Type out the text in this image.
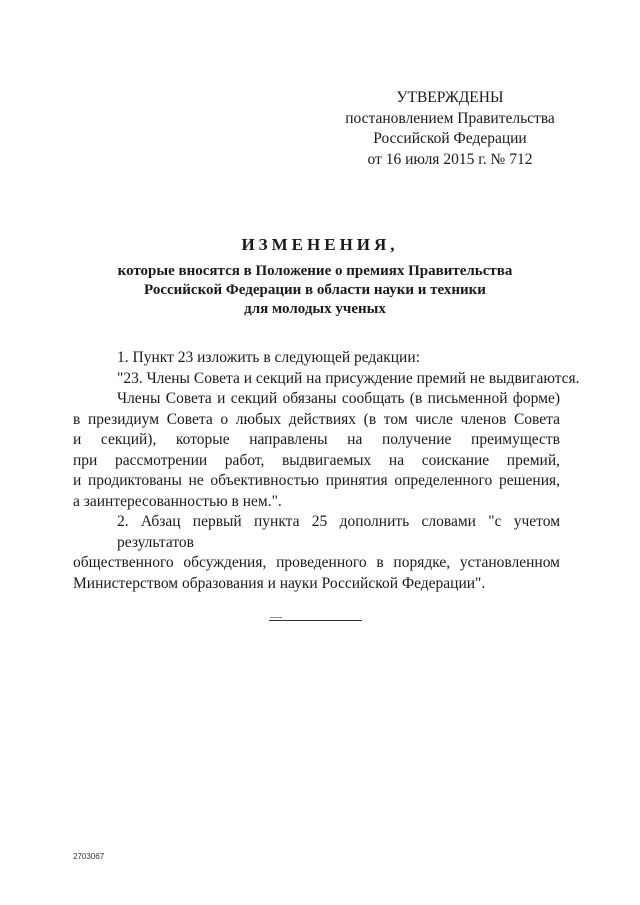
УТВЕРЖДЕНЫ
постановлением Правительства
Российской Федерации
от 16 июля 2015 г. № 712
ИЗМЕНЕНИЯ,
которые вносятся в Положение о премиях Правительства
Российской Федерации в области науки и техники
для молодых ученых
1. Пункт 23 изложить в следующей редакции:
"23. Члены Совета и секций на присуждение премий не выдвигаются.
Члены Совета и секций обязаны сообщать (в письменной форме)
в президиум Совета о любых действиях (в том числе членов Совета
и секций), которые направлены на получение преимуществ
при рассмотрении работ, выдвигаемых на соискание премий,
и продиктованы не объективностью принятия определенного решения,
а заинтересованностью в нем.".
2. Абзац первый пункта 25 дополнить словами "с учетом результатов
общественного обсуждения, проведенного в порядке, установленном
Министерством образования и науки Российской Федерации".
2703067
